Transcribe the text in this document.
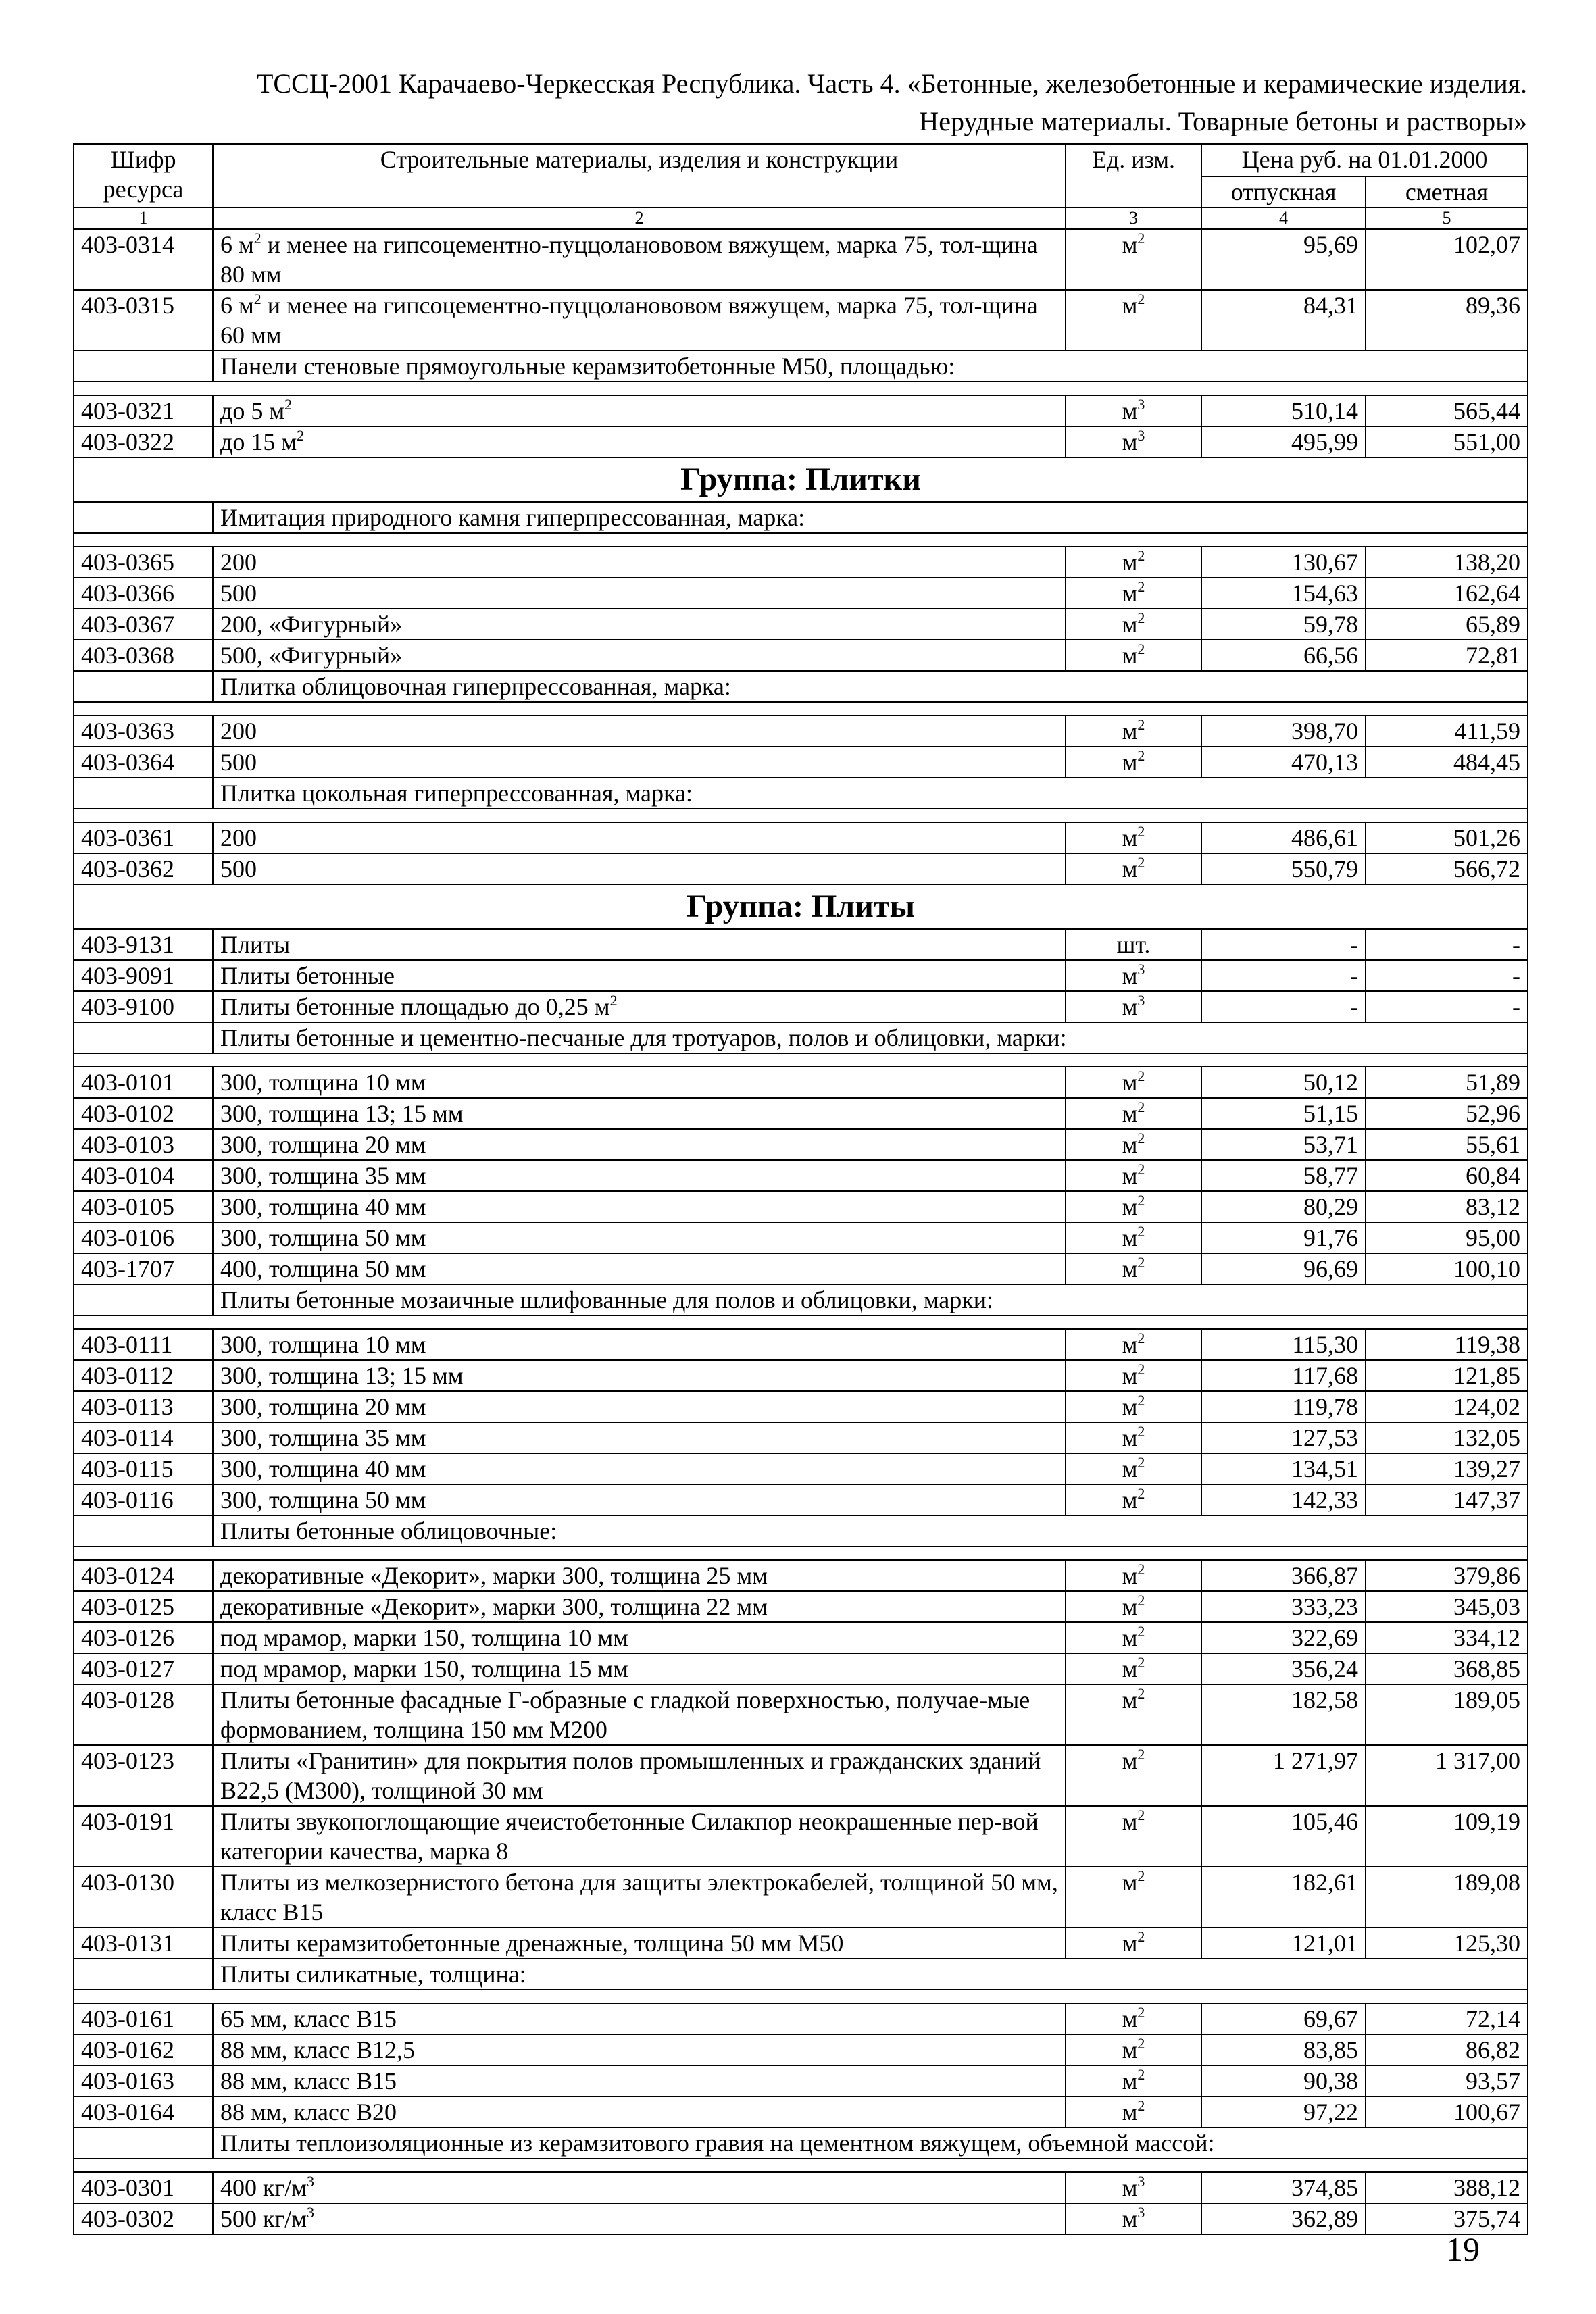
ТССЦ-2001 Карачаево-Черкесская Республика. Часть 4. «Бетонные, железобетонные и керамические изделия.
Нерудные материалы. Товарные бетоны и растворы»
Шифр ресурса	Строительные материалы, изделия и конструкции	Ед. изм.	Цена руб. на 01.01.2000	
			отпускная	сметная
1	2	3	4	5
403-0314	6 $м^2$ и менее на гипсоцементно-пуццоланововом вяжущем, марка 75, тол-щина 80 мм	$м^2$	95,69	102,07
403-0315	6 $м^2$ и менее на гипсоцементно-пуццоланововом вяжущем, марка 75, тол-щина 60 мм	$м^2$	84,31	89,36
	Панели стеновые прямоугольные керамзитобетонные М50, площадью:			

403-0321	до 5 $м^2$	$м^3$	510,14	565,44
403-0322	до 15 $м^2$	$м^3$	495,99	551,00
Группа: Плитки				
	Имитация природного камня гиперпрессованная, марка:			

403-0365	200	$м^2$	130,67	138,20
403-0366	500	$м^2$	154,63	162,64
403-0367	200, «Фигурный»	$м^2$	59,78	65,89
403-0368	500, «Фигурный»	$м^2$	66,56	72,81
	Плитка облицовочная гиперпрессованная, марка:			

403-0363	200	$м^2$	398,70	411,59
403-0364	500	$м^2$	470,13	484,45
	Плитка цокольная гиперпрессованная, марка:			

403-0361	200	$м^2$	486,61	501,26
403-0362	500	$м^2$	550,79	566,72
Группа: Плиты				
403-9131	Плиты	шт.	-	-
403-9091	Плиты бетонные	$м^3$	-	-
403-9100	Плиты бетонные площадью до 0,25 $м^2$	$м^3$	-	-
	Плиты бетонные и цементно-песчаные для тротуаров, полов и облицовки, марки:			

403-0101	300, толщина 10 мм	$м^2$	50,12	51,89
403-0102	300, толщина 13; 15 мм	$м^2$	51,15	52,96
403-0103	300, толщина 20 мм	$м^2$	53,71	55,61
403-0104	300, толщина 35 мм	$м^2$	58,77	60,84
403-0105	300, толщина 40 мм	$м^2$	80,29	83,12
403-0106	300, толщина 50 мм	$м^2$	91,76	95,00
403-1707	400, толщина 50 мм	$м^2$	96,69	100,10
	Плиты бетонные мозаичные шлифованные для полов и облицовки, марки:			

403-0111	300, толщина 10 мм	$м^2$	115,30	119,38
403-0112	300, толщина 13; 15 мм	$м^2$	117,68	121,85
403-0113	300, толщина 20 мм	$м^2$	119,78	124,02
403-0114	300, толщина 35 мм	$м^2$	127,53	132,05
403-0115	300, толщина 40 мм	$м^2$	134,51	139,27
403-0116	300, толщина 50 мм	$м^2$	142,33	147,37
	Плиты бетонные облицовочные:			

403-0124	декоративные «Декорит», марки 300, толщина 25 мм	$м^2$	366,87	379,86
403-0125	декоративные «Декорит», марки 300, толщина 22 мм	$м^2$	333,23	345,03
403-0126	под мрамор, марки 150, толщина 10 мм	$м^2$	322,69	334,12
403-0127	под мрамор, марки 150, толщина 15 мм	$м^2$	356,24	368,85
403-0128	Плиты бетонные фасадные Г-образные с гладкой поверхностью, получае-мые формованием, толщина 150 мм М200	$м^2$	182,58	189,05
403-0123	Плиты «Гранитин» для покрытия полов промышленных и гражданских зданий В22,5 (М300), толщиной 30 мм	$м^2$	1 271,97	1 317,00
403-0191	Плиты звукопоглощающие ячеистобетонные Силакпор неокрашенные пер-вой категории качества, марка 8	$м^2$	105,46	109,19
403-0130	Плиты из мелкозернистого бетона для защиты электрокабелей, толщиной 50 мм, класс В15	$м^2$	182,61	189,08
403-0131	Плиты керамзитобетонные дренажные, толщина 50 мм М50	$м^2$	121,01	125,30
	Плиты силикатные, толщина:			

403-0161	65 мм, класс В15	$м^2$	69,67	72,14
403-0162	88 мм, класс В12,5	$м^2$	83,85	86,82
403-0163	88 мм, класс В15	$м^2$	90,38	93,57
403-0164	88 мм, класс В20	$м^2$	97,22	100,67
	Плиты теплоизоляционные из керамзитового гравия на цементном вяжущем, объемной массой:			

403-0301	400 $кг/м^3$	$м^3$	374,85	388,12
403-0302	500 $кг/м^3$	$м^3$	362,89	375,74
19
